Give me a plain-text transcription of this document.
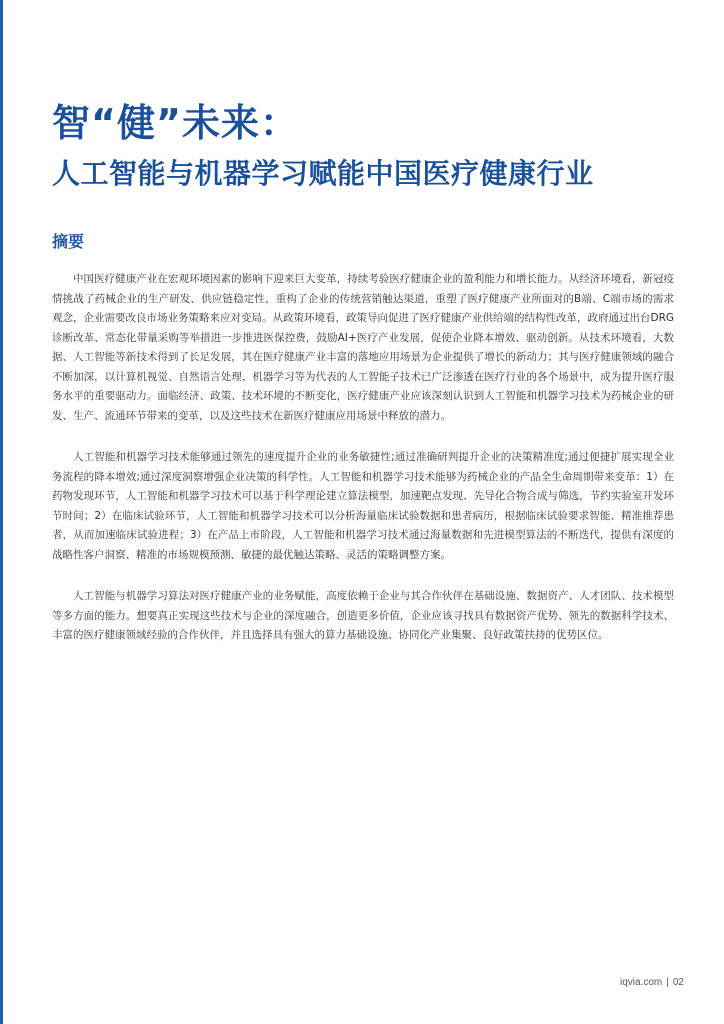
智“健”未来：
人工智能与机器学习赋能中国医疗健康行业
摘要

中国医疗健康产业在宏观环境因素的影响下迎来巨大变革，持续考验医疗健康企业的盈利能力和增长能力。从经济环境看，新冠疫情挑战了药械企业的生产研发、供应链稳定性，重构了企业的传统营销触达渠道，重塑了医疗健康产业所面对的B端、C端市场的需求观念，企业需要改良市场业务策略来应对变局。从政策环境看，政策导向促进了医疗健康产业供给端的结构性改革，政府通过出台DRG诊断改革、常态化带量采购等举措进一步推进医保控费，鼓励AI+医疗产业发展，促使企业降本增效、驱动创新。从技术环境看，大数据、人工智能等新技术得到了长足发展，其在医疗健康产业丰富的落地应用场景为企业提供了增长的新动力；其与医疗健康领域的融合不断加深，以计算机视觉、自然语言处理、机器学习等为代表的人工智能子技术已广泛渗透在医疗行业的各个场景中，成为提升医疗服务水平的重要驱动力。面临经济、政策、技术环境的不断变化，医疗健康产业应该深刻认识到人工智能和机器学习技术为药械企业的研发、生产、流通环节带来的变革，以及这些技术在新医疗健康应用场景中释放的潜力。

人工智能和机器学习技术能够通过领先的速度提升企业的业务敏捷性;通过准确研判提升企业的决策精准度;通过便捷扩展实现全业务流程的降本增效;通过深度洞察增强企业决策的科学性。人工智能和机器学习技术能够为药械企业的产品全生命周期带来变革：1）在药物发现环节，人工智能和机器学习技术可以基于科学理论建立算法模型，加速靶点发现、先导化合物合成与筛选，节约实验室开发环节时间；2）在临床试验环节，人工智能和机器学习技术可以分析海量临床试验数据和患者病历，根据临床试验要求智能、精准推荐患者，从而加速临床试验进程；3）在产品上市阶段，人工智能和机器学习技术通过海量数据和先进模型算法的不断迭代，提供有深度的战略性客户洞察、精准的市场规模预测、敏捷的最优触达策略、灵活的策略调整方案。

人工智能与机器学习算法对医疗健康产业的业务赋能，高度依赖于企业与其合作伙伴在基础设施、数据资产、人才团队、技术模型等多方面的能力。想要真正实现这些技术与企业的深度融合，创造更多价值，企业应该寻找具有数据资产优势、领先的数据科学技术、丰富的医疗健康领域经验的合作伙伴，并且选择具有强大的算力基础设施、协同化产业集聚、良好政策扶持的优势区位。

iqvia.com | 02
